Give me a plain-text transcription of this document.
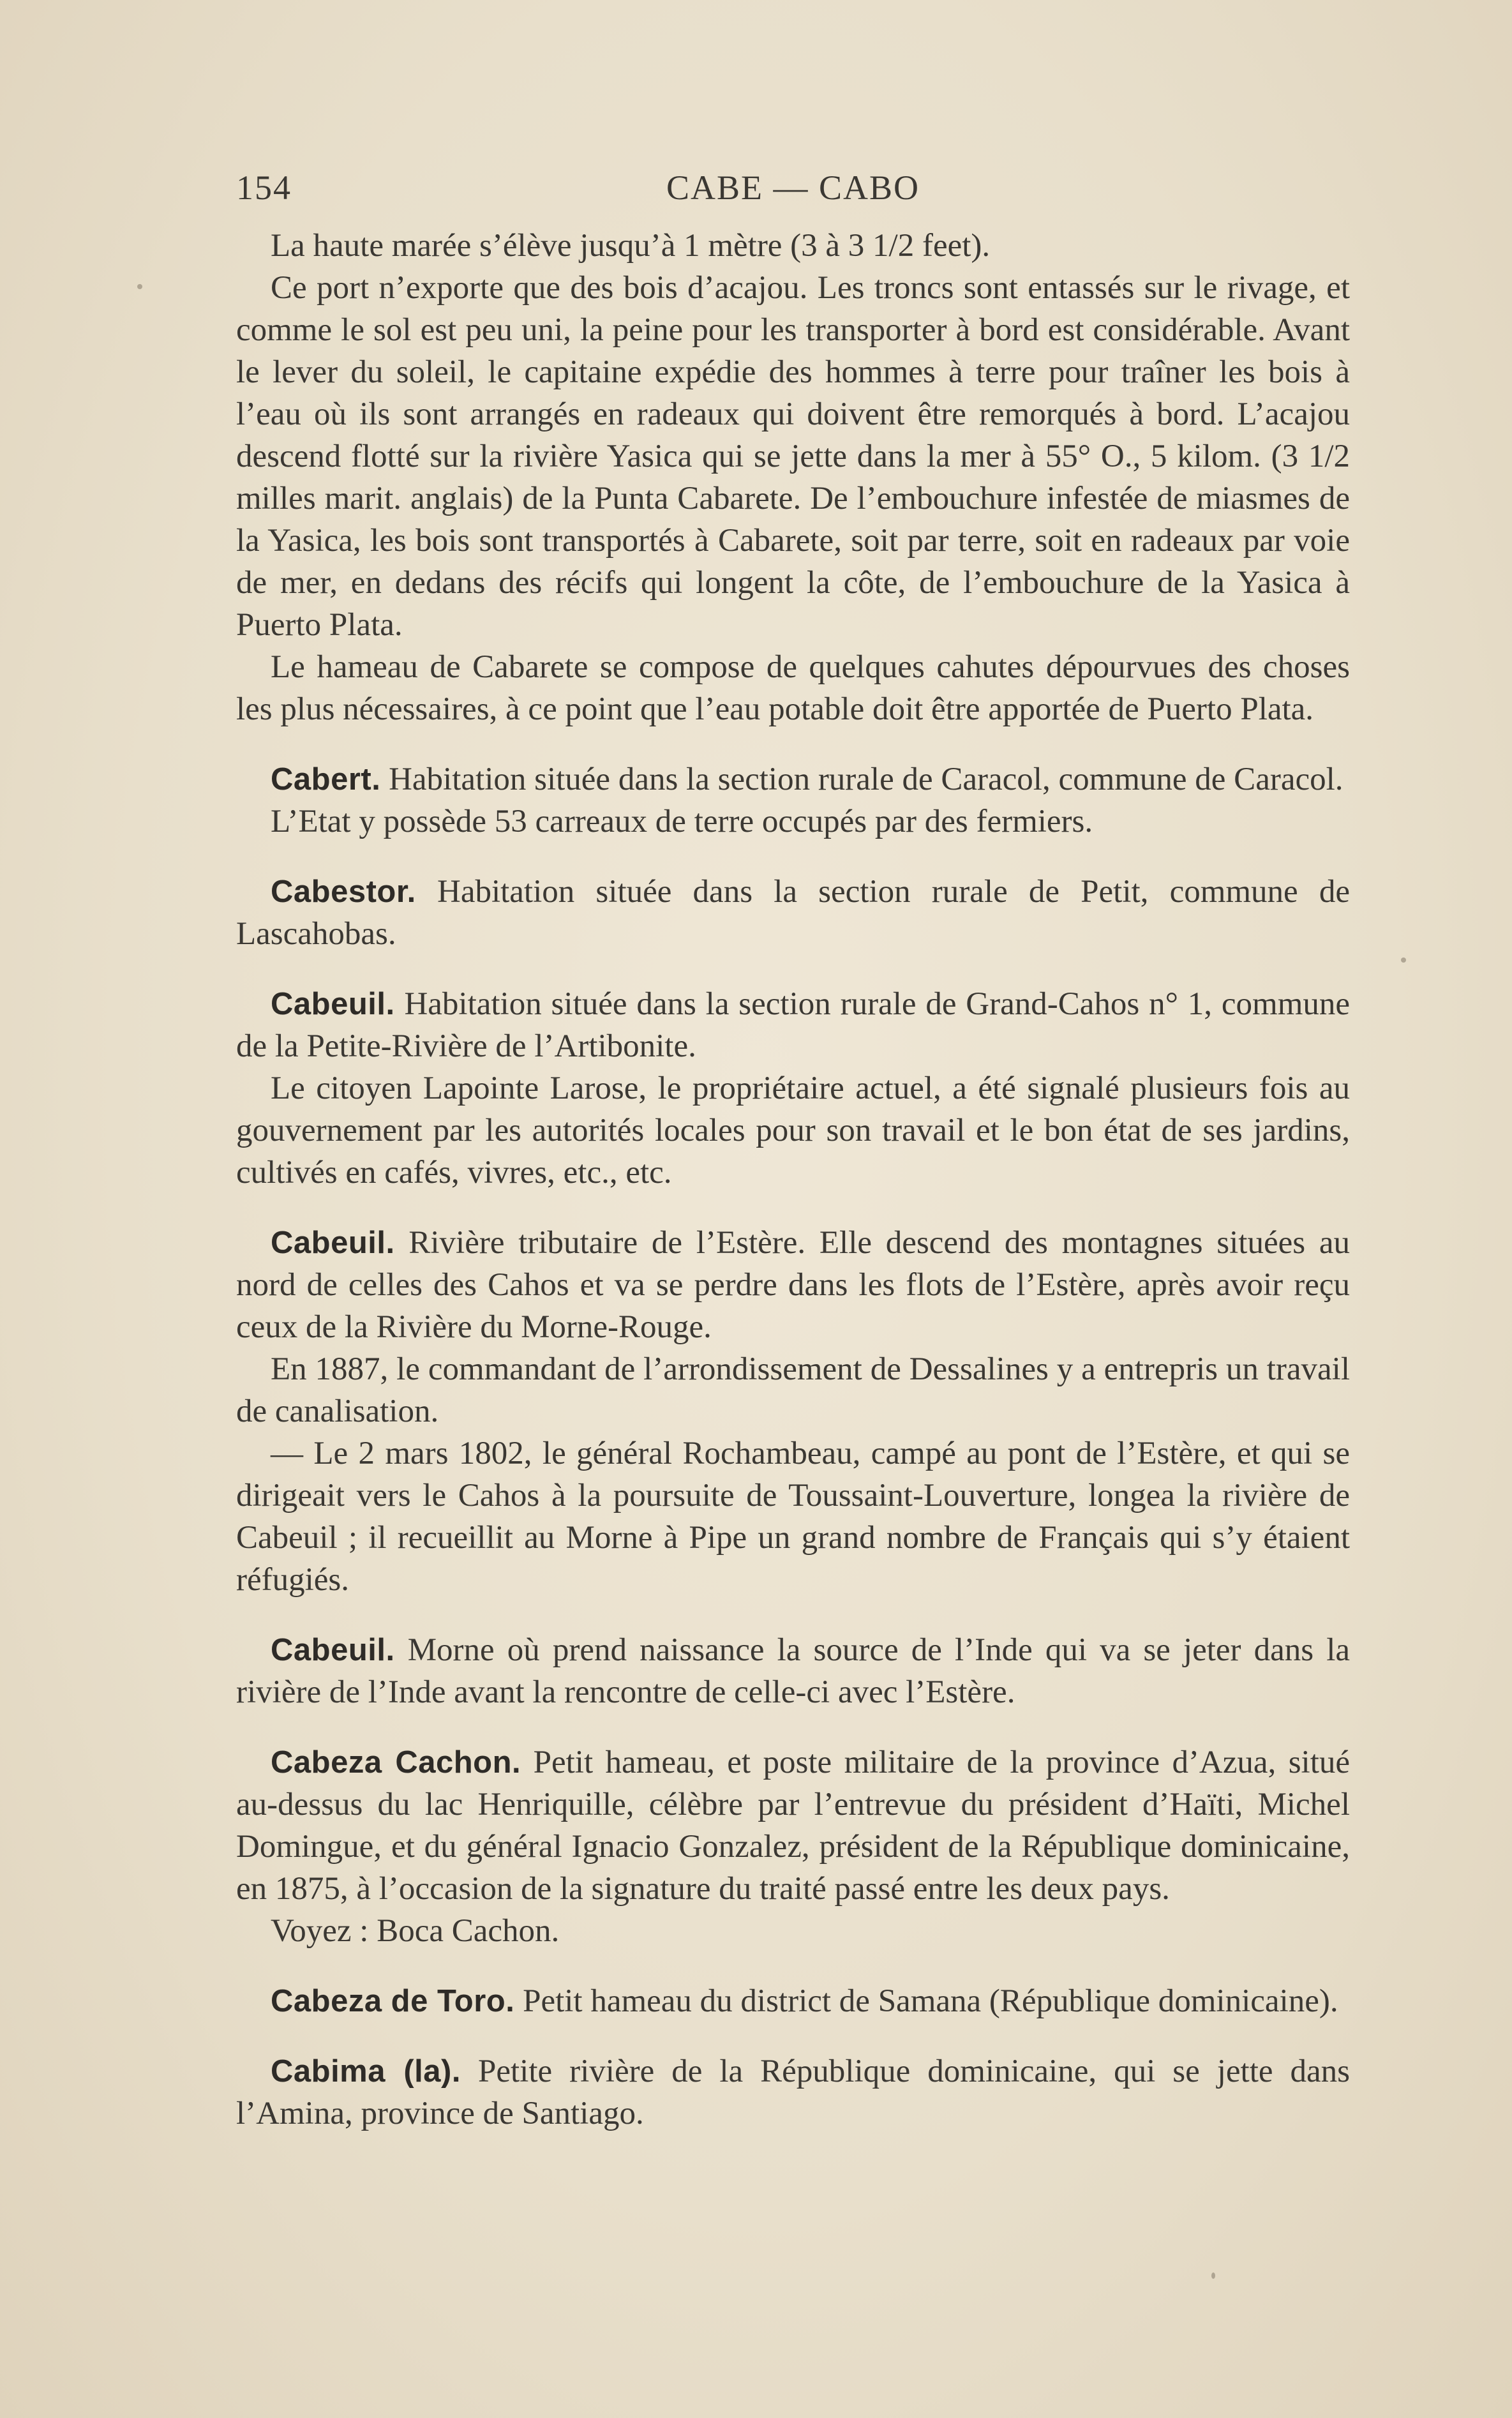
154	CABE — CABO

La haute marée s’élève jusqu’à 1 mètre (3 à 3 1/2 feet).

Ce port n’exporte que des bois d’acajou. Les troncs sont entassés sur le rivage, et comme le sol est peu uni, la peine pour les transporter à bord est considérable. Avant le lever du soleil, le capitaine expédie des hommes à terre pour traîner les bois à l’eau où ils sont arrangés en radeaux qui doivent être remorqués à bord. L’acajou descend flotté sur la rivière Yasica qui se jette dans la mer à 55° O., 5 kilom. (3 1/2 milles marit. anglais) de la Punta Cabarete. De l’embouchure infestée de miasmes de la Yasica, les bois sont transportés à Cabarete, soit par terre, soit en radeaux par voie de mer, en dedans des récifs qui longent la côte, de l’embouchure de la Yasica à Puerto Plata.

Le hameau de Cabarete se compose de quelques cahutes dépourvues des choses les plus nécessaires, à ce point que l’eau potable doit être apportée de Puerto Plata.

Cabert. Habitation située dans la section rurale de Caracol, commune de Caracol.

L’Etat y possède 53 carreaux de terre occupés par des fermiers.

Cabestor. Habitation située dans la section rurale de Petit, commune de Lascahobas.

Cabeuil. Habitation située dans la section rurale de Grand-Cahos n° 1, commune de la Petite-Rivière de l’Artibonite.

Le citoyen Lapointe Larose, le propriétaire actuel, a été signalé plusieurs fois au gouvernement par les autorités locales pour son travail et le bon état de ses jardins, cultivés en cafés, vivres, etc., etc.

Cabeuil. Rivière tributaire de l’Estère. Elle descend des montagnes situées au nord de celles des Cahos et va se perdre dans les flots de l’Estère, après avoir reçu ceux de la Rivière du Morne-Rouge.

En 1887, le commandant de l’arrondissement de Dessalines y a entrepris un travail de canalisation.

— Le 2 mars 1802, le général Rochambeau, campé au pont de l’Estère, et qui se dirigeait vers le Cahos à la poursuite de Toussaint-Louverture, longea la rivière de Cabeuil ; il recueillit au Morne à Pipe un grand nombre de Français qui s’y étaient réfugiés.

Cabeuil. Morne où prend naissance la source de l’Inde qui va se jeter dans la rivière de l’Inde avant la rencontre de celle-ci avec l’Estère.

Cabeza Cachon. Petit hameau, et poste militaire de la province d’Azua, situé au-dessus du lac Henriquille, célèbre par l’entrevue du président d’Haïti, Michel Domingue, et du général Ignacio Gonzalez, président de la République dominicaine, en 1875, à l’occasion de la signature du traité passé entre les deux pays.

Voyez : Boca Cachon.

Cabeza de Toro. Petit hameau du district de Samana (République dominicaine).

Cabima (la). Petite rivière de la République dominicaine, qui se jette dans l’Amina, province de Santiago.
